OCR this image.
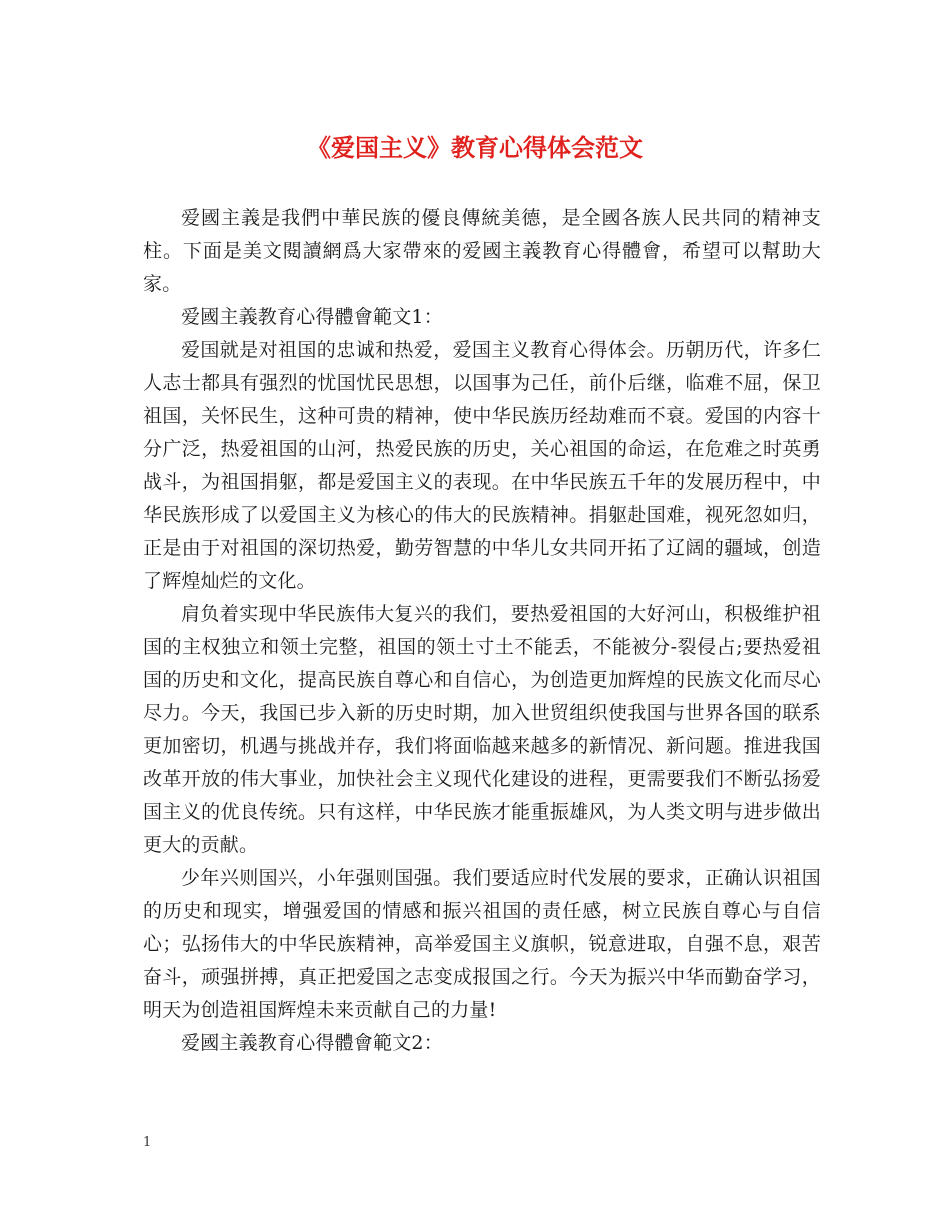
《爱国主义》教育心得体会范文

爱國主義是我們中華民族的優良傳統美德，是全國各族人民共同的精神支柱。下面是美文閱讀網爲大家帶來的爱國主義教育心得體會，希望可以幫助大家。

爱國主義教育心得體會範文1：

爱国就是对祖国的忠诚和热爱，爱国主义教育心得体会。历朝历代，许多仁人志士都具有强烈的忧国忧民思想，以国事为己任，前仆后继，临难不屈，保卫祖国，关怀民生，这种可贵的精神，使中华民族历经劫难而不衰。爱国的内容十分广泛，热爱祖国的山河，热爱民族的历史，关心祖国的命运，在危难之时英勇战斗，为祖国捐躯，都是爱国主义的表现。在中华民族五千年的发展历程中，中华民族形成了以爱国主义为核心的伟大的民族精神。捐躯赴国难，视死忽如归，正是由于对祖国的深切热爱，勤劳智慧的中华儿女共同开拓了辽阔的疆域，创造了辉煌灿烂的文化。

肩负着实现中华民族伟大复兴的我们，要热爱祖国的大好河山，积极维护祖国的主权独立和领土完整，祖国的领土寸土不能丢，不能被分-裂侵占;要热爱祖国的历史和文化，提高民族自尊心和自信心，为创造更加辉煌的民族文化而尽心尽力。今天，我国已步入新的历史时期，加入世贸组织使我国与世界各国的联系更加密切，机遇与挑战并存，我们将面临越来越多的新情况、新问题。推进我国改革开放的伟大事业，加快社会主义现代化建设的进程，更需要我们不断弘扬爱国主义的优良传统。只有这样，中华民族才能重振雄风，为人类文明与进步做出更大的贡献。

少年兴则国兴，小年强则国强。我们要适应时代发展的要求，正确认识祖国的历史和现实，增强爱国的情感和振兴祖国的责任感，树立民族自尊心与自信心；弘扬伟大的中华民族精神，高举爱国主义旗帜，锐意进取，自强不息，艰苦奋斗，顽强拼搏，真正把爱国之志变成报国之行。今天为振兴中华而勤奋学习，明天为创造祖国辉煌未来贡献自己的力量!

爱國主義教育心得體會範文2：

1
